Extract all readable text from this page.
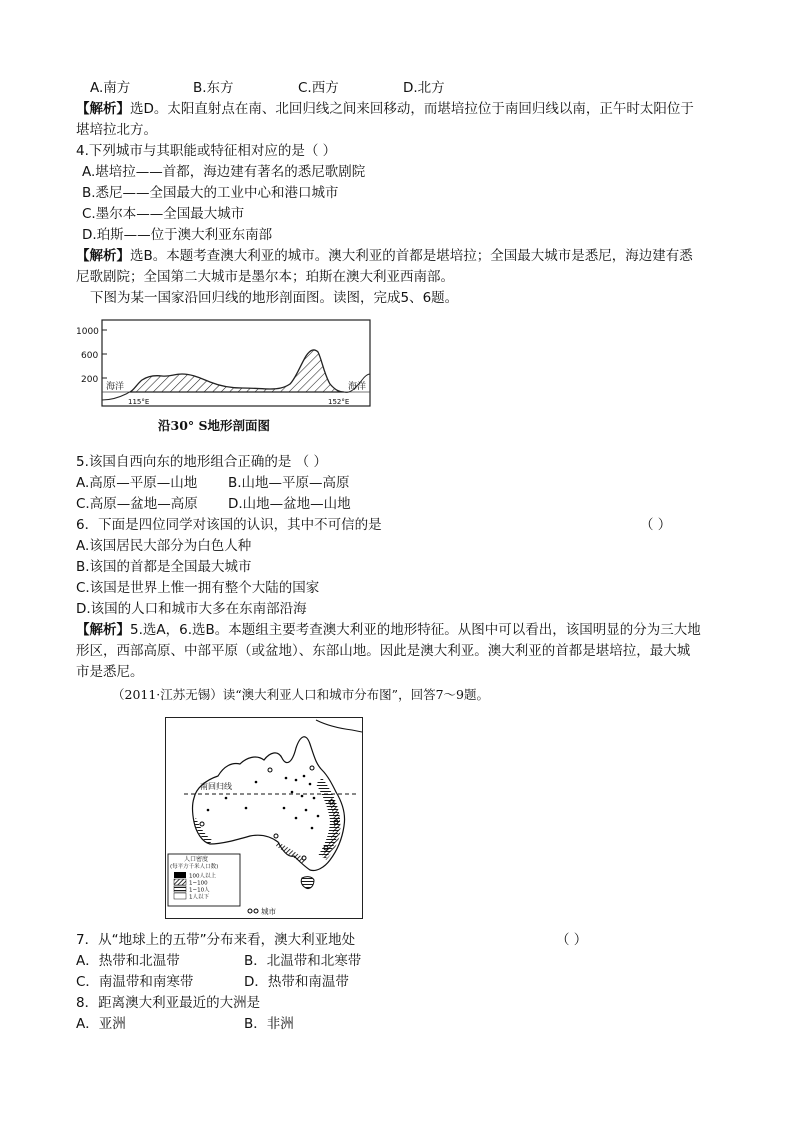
A.南方	B.东方	C.西方	D.北方
【解析】选D。太阳直射点在南、北回归线之间来回移动，而堪培拉位于南回归线以南，正午时太阳位于
堪培拉北方。
4.下列城市与其职能或特征相对应的是（ ）
A.堪培拉——首都，海边建有著名的悉尼歌剧院
B.悉尼——全国最大的工业中心和港口城市
C.墨尔本——全国最大城市
D.珀斯——位于澳大利亚东南部
【解析】选B。本题考查澳大利亚的城市。澳大利亚的首都是堪培拉；全国最大城市是悉尼，海边建有悉
尼歌剧院；全国第二大城市是墨尔本；珀斯在澳大利亚西南部。
下图为某一国家沿回归线的地形剖面图。读图，完成5、6题。
1000
600
200
海洋	海洋
115°E	152°E
沿30° S地形剖面图
5.该国自西向东的地形组合正确的是 （ ）
A.高原—平原—山地 B.山地—平原—高原
C.高原—盆地—高原 D.山地—盆地—山地
6．下面是四位同学对该国的认识，其中不可信的是	（ ）
A.该国居民大部分为白色人种
B.该国的首都是全国最大城市
C.该国是世界上惟一拥有整个大陆的国家
D.该国的人口和城市大多在东南部沿海
【解析】5.选A，6.选B。本题组主要考查澳大利亚的地形特征。从图中可以看出，该国明显的分为三大地
形区，西部高原、中部平原（或盆地）、东部山地。因此是澳大利亚。澳大利亚的首都是堪培拉，最大城
市是悉尼。
（2011·江苏无锡）读“澳大利亚人口和城市分布图”，回答7～9题。
南回归线
人口密度
(每平方千米人口数)
100人以上
1~100
1~10人
1人以下
城市
7．从“地球上的五带”分布来看，澳大利亚地处	（ ）
A．热带和北温带	B．北温带和北寒带
C．南温带和南寒带	D．热带和南温带
8．距离澳大利亚最近的大洲是
A．亚洲	B．非洲
